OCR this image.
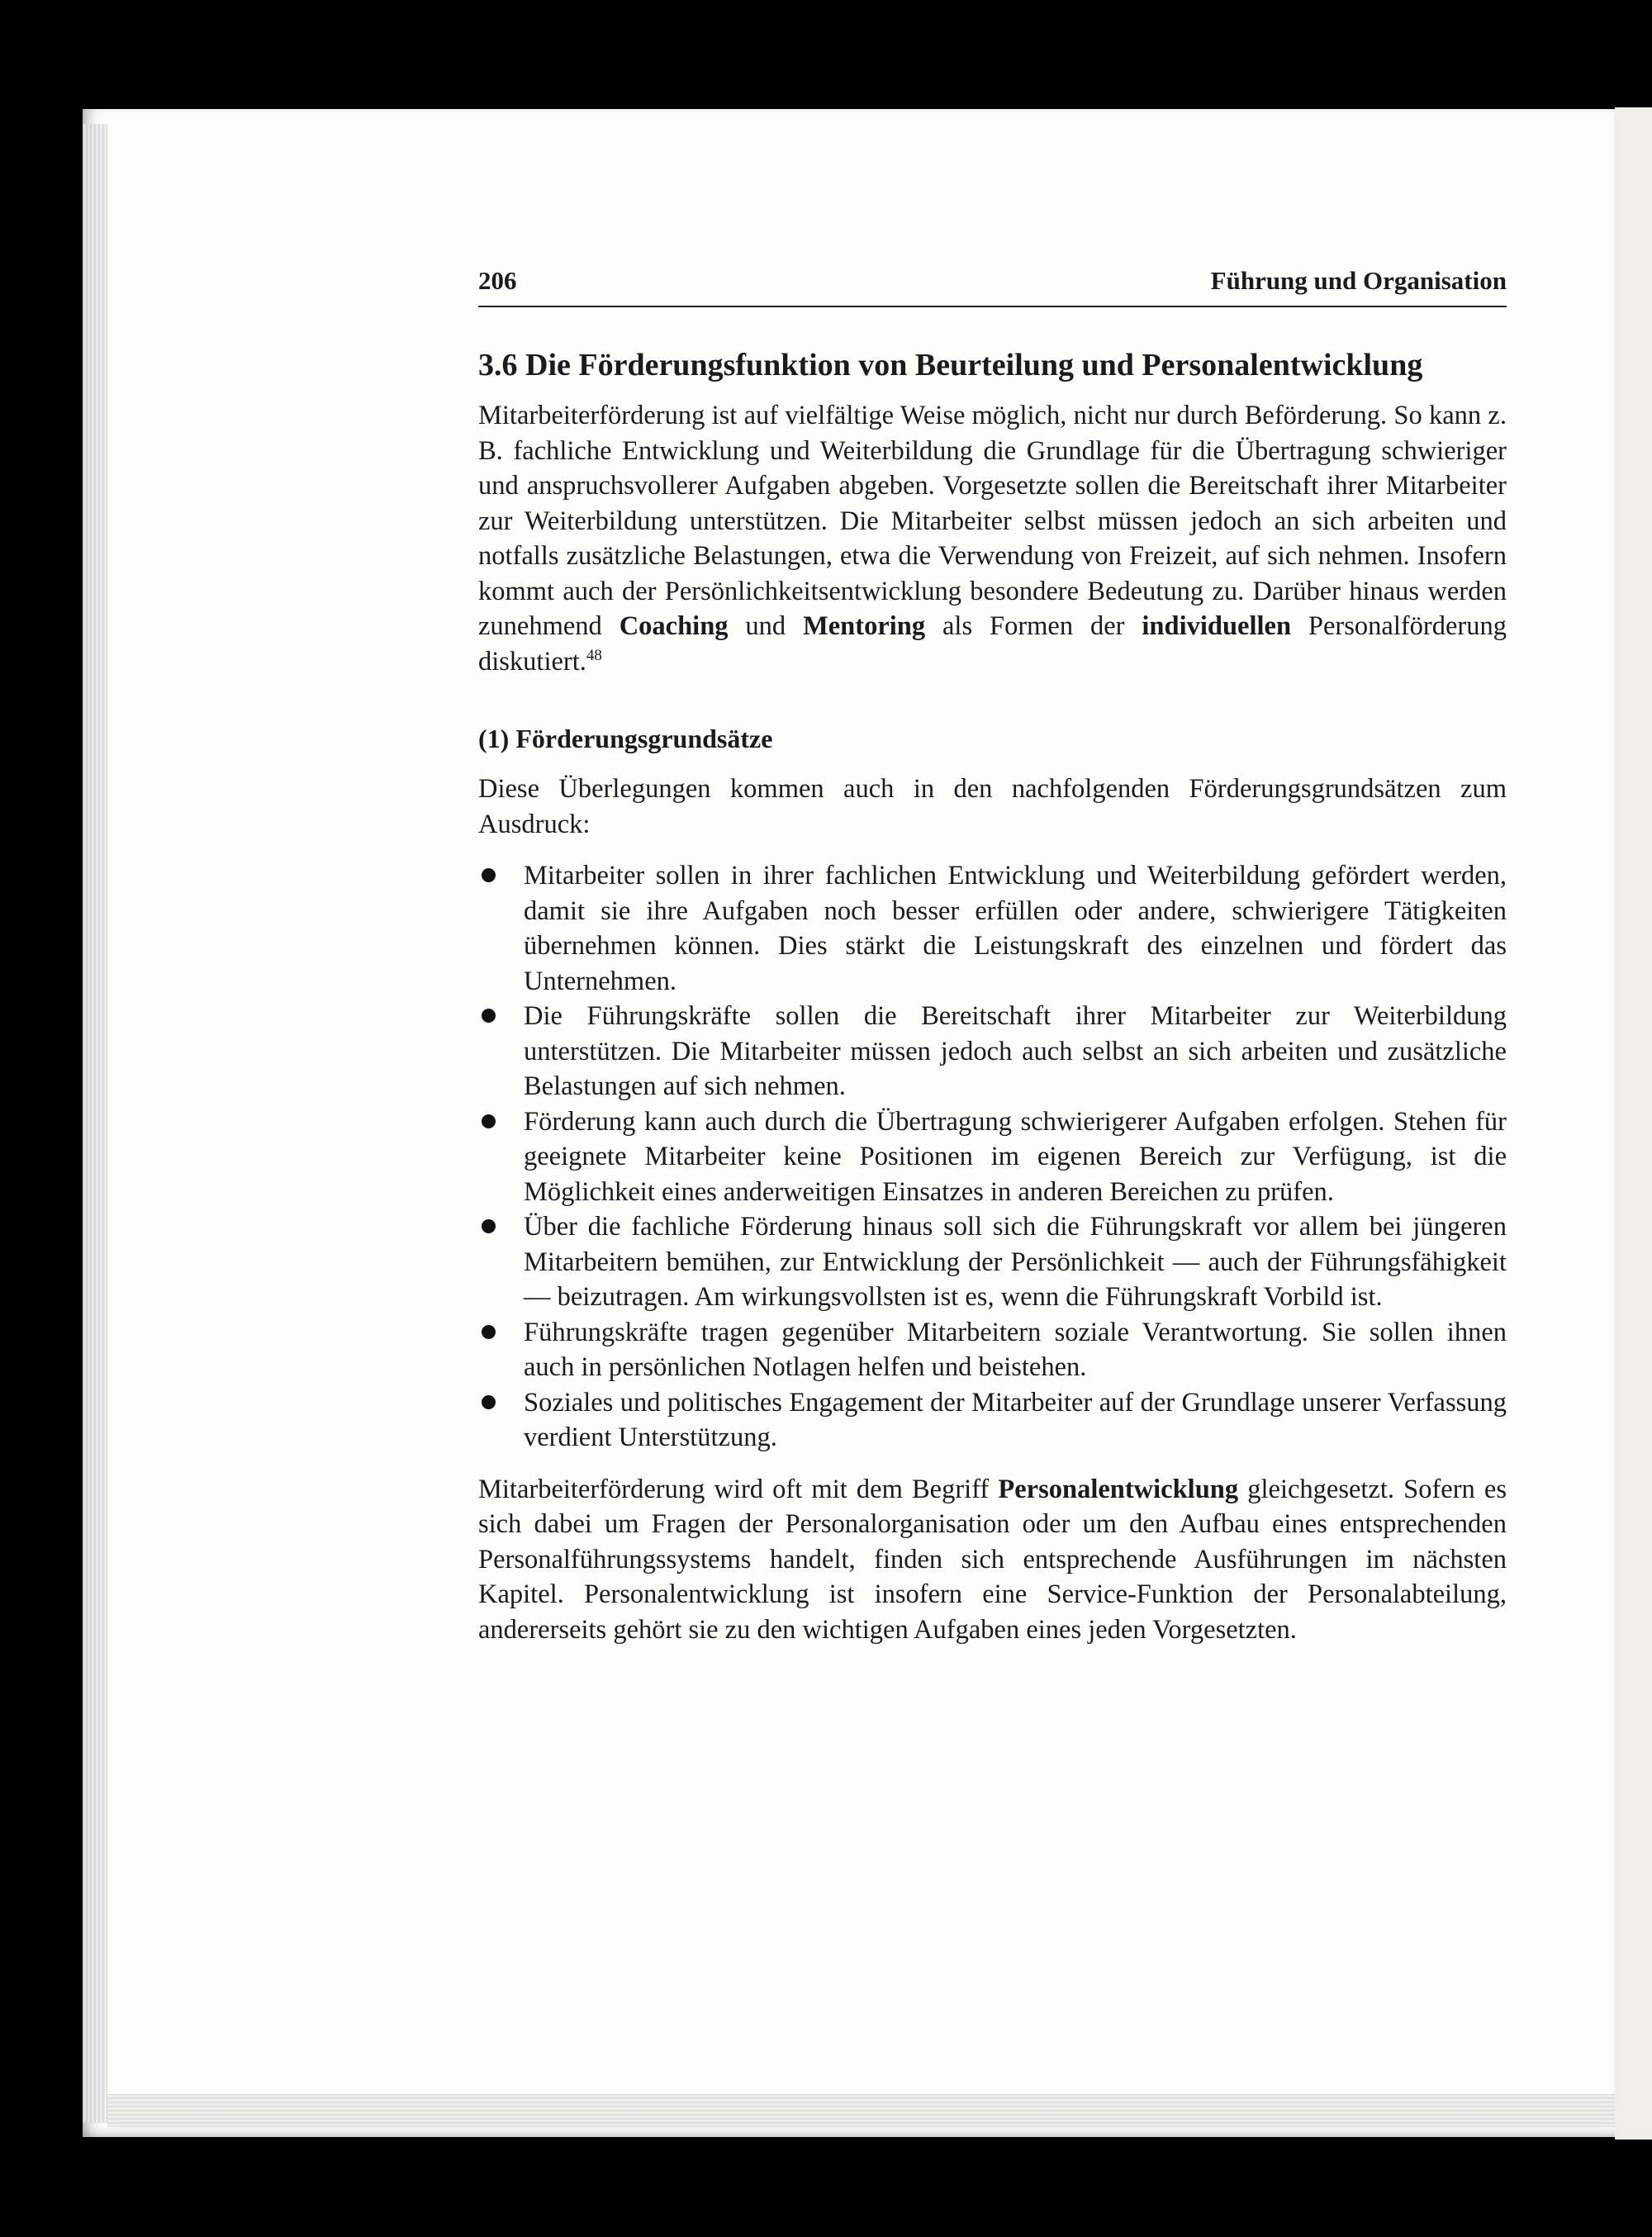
206	Führung und Organisation
3.6 Die Förderungsfunktion von Beurteilung und Personalentwicklung

Mitarbeiterförderung ist auf vielfältige Weise möglich, nicht nur durch Beförderung. So kann z. B. fachliche Entwicklung und Weiterbildung die Grundlage für die Übertragung schwieriger und anspruchsvollerer Aufgaben abgeben. Vorgesetzte sollen die Bereitschaft ihrer Mitarbeiter zur Weiterbildung unterstützen. Die Mitarbeiter selbst müssen jedoch an sich arbeiten und notfalls zusätzliche Belastungen, etwa die Verwendung von Freizeit, auf sich nehmen. Insofern kommt auch der Persönlichkeitsentwicklung besondere Bedeutung zu. Darüber hinaus werden zunehmend Coaching und Mentoring als Formen der individuellen Personalförderung diskutiert.$^{48}$

(1) Förderungsgrundsätze

Diese Überlegungen kommen auch in den nachfolgenden Förderungsgrundsätzen zum Ausdruck:

Mitarbeiter sollen in ihrer fachlichen Entwicklung und Weiterbildung gefördert werden, damit sie ihre Aufgaben noch besser erfüllen oder andere, schwierigere Tätigkeiten übernehmen können. Dies stärkt die Leistungskraft des einzelnen und fördert das Unternehmen.
Die Führungskräfte sollen die Bereitschaft ihrer Mitarbeiter zur Weiterbildung unterstützen. Die Mitarbeiter müssen jedoch auch selbst an sich arbeiten und zusätzliche Belastungen auf sich nehmen.
Förderung kann auch durch die Übertragung schwierigerer Aufgaben erfolgen. Stehen für geeignete Mitarbeiter keine Positionen im eigenen Bereich zur Verfügung, ist die Möglichkeit eines anderweitigen Einsatzes in anderen Bereichen zu prüfen.
Über die fachliche Förderung hinaus soll sich die Führungskraft vor allem bei jüngeren Mitarbeitern bemühen, zur Entwicklung der Persönlichkeit — auch der Führungsfähigkeit — beizutragen. Am wirkungsvollsten ist es, wenn die Führungskraft Vorbild ist.
Führungskräfte tragen gegenüber Mitarbeitern soziale Verantwortung. Sie sollen ihnen auch in persönlichen Notlagen helfen und beistehen.
Soziales und politisches Engagement der Mitarbeiter auf der Grundlage unserer Verfassung verdient Unterstützung.

Mitarbeiterförderung wird oft mit dem Begriff Personalentwicklung gleichgesetzt. Sofern es sich dabei um Fragen der Personalorganisation oder um den Aufbau eines entsprechenden Personalführungssystems handelt, finden sich entsprechende Ausführungen im nächsten Kapitel. Personalentwicklung ist insofern eine Service-Funktion der Personalabteilung, andererseits gehört sie zu den wichtigen Aufgaben eines jeden Vorgesetzten.
